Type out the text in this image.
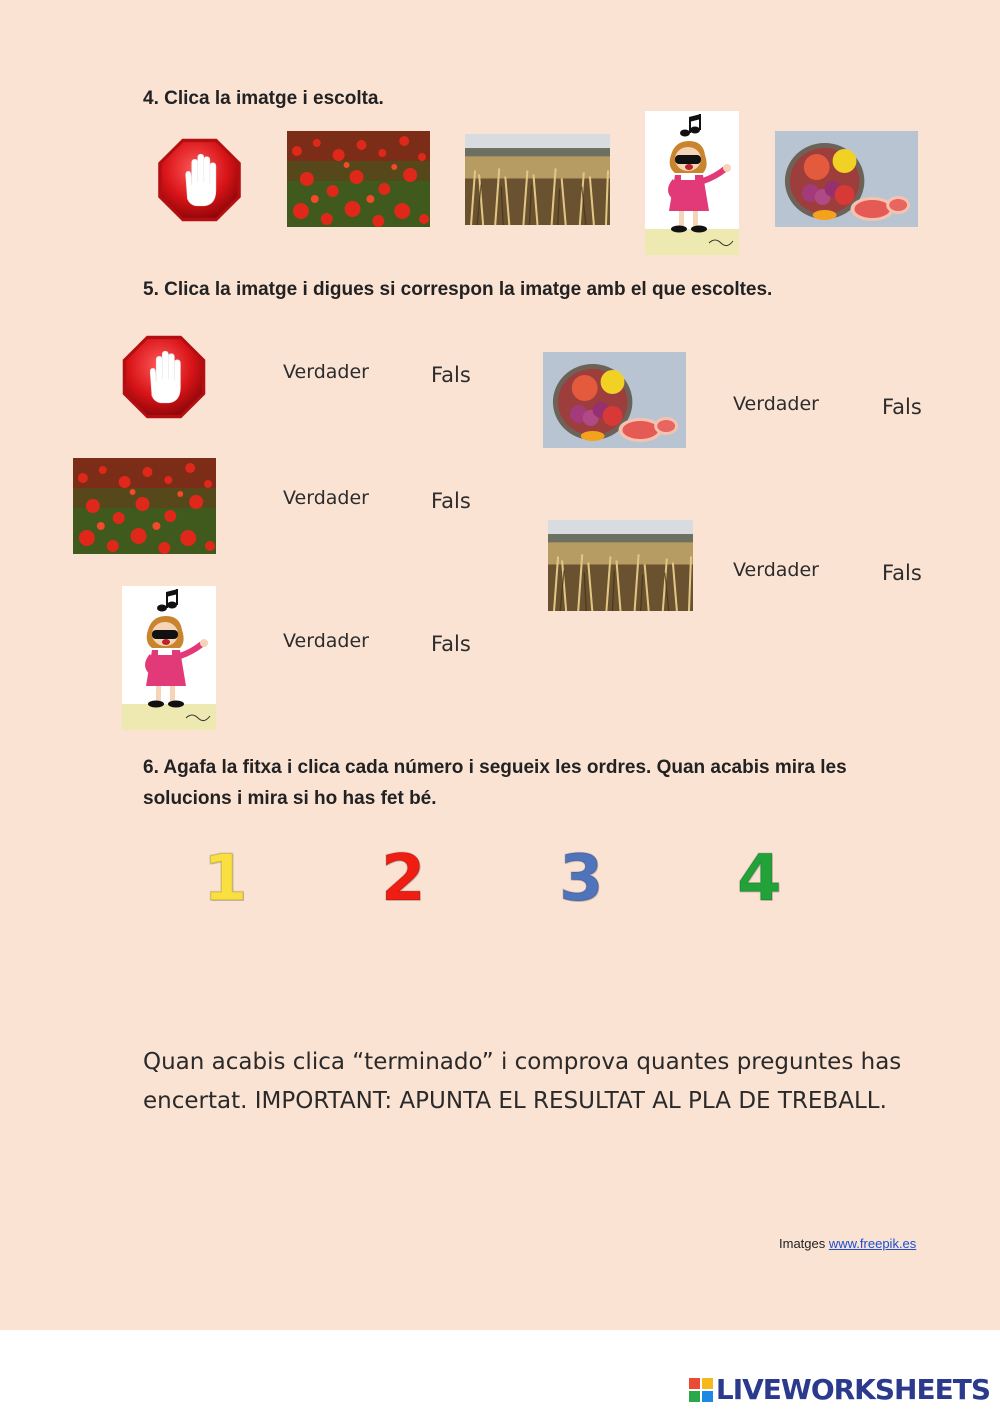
4. Clica la imatge i escolta.

5. Clica la imatge i digues si correspon la imatge amb el que escoltes.

Verdader	Fals
Verdader	Fals
Verdader	Fals
Verdader	Fals
Verdader	Fals

6. Agafa la fitxa i clica cada número i segueix les ordres. Quan acabis mira les

solucions i mira si ho has fet bé.

1 2 3 4
Quan acabis clica “terminado” i comprova quantes preguntes has
encertat. IMPORTANT: APUNTA EL RESULTAT AL PLA DE TREBALL.
Imatges www.freepik.es
LIVEWORKSHEETS
